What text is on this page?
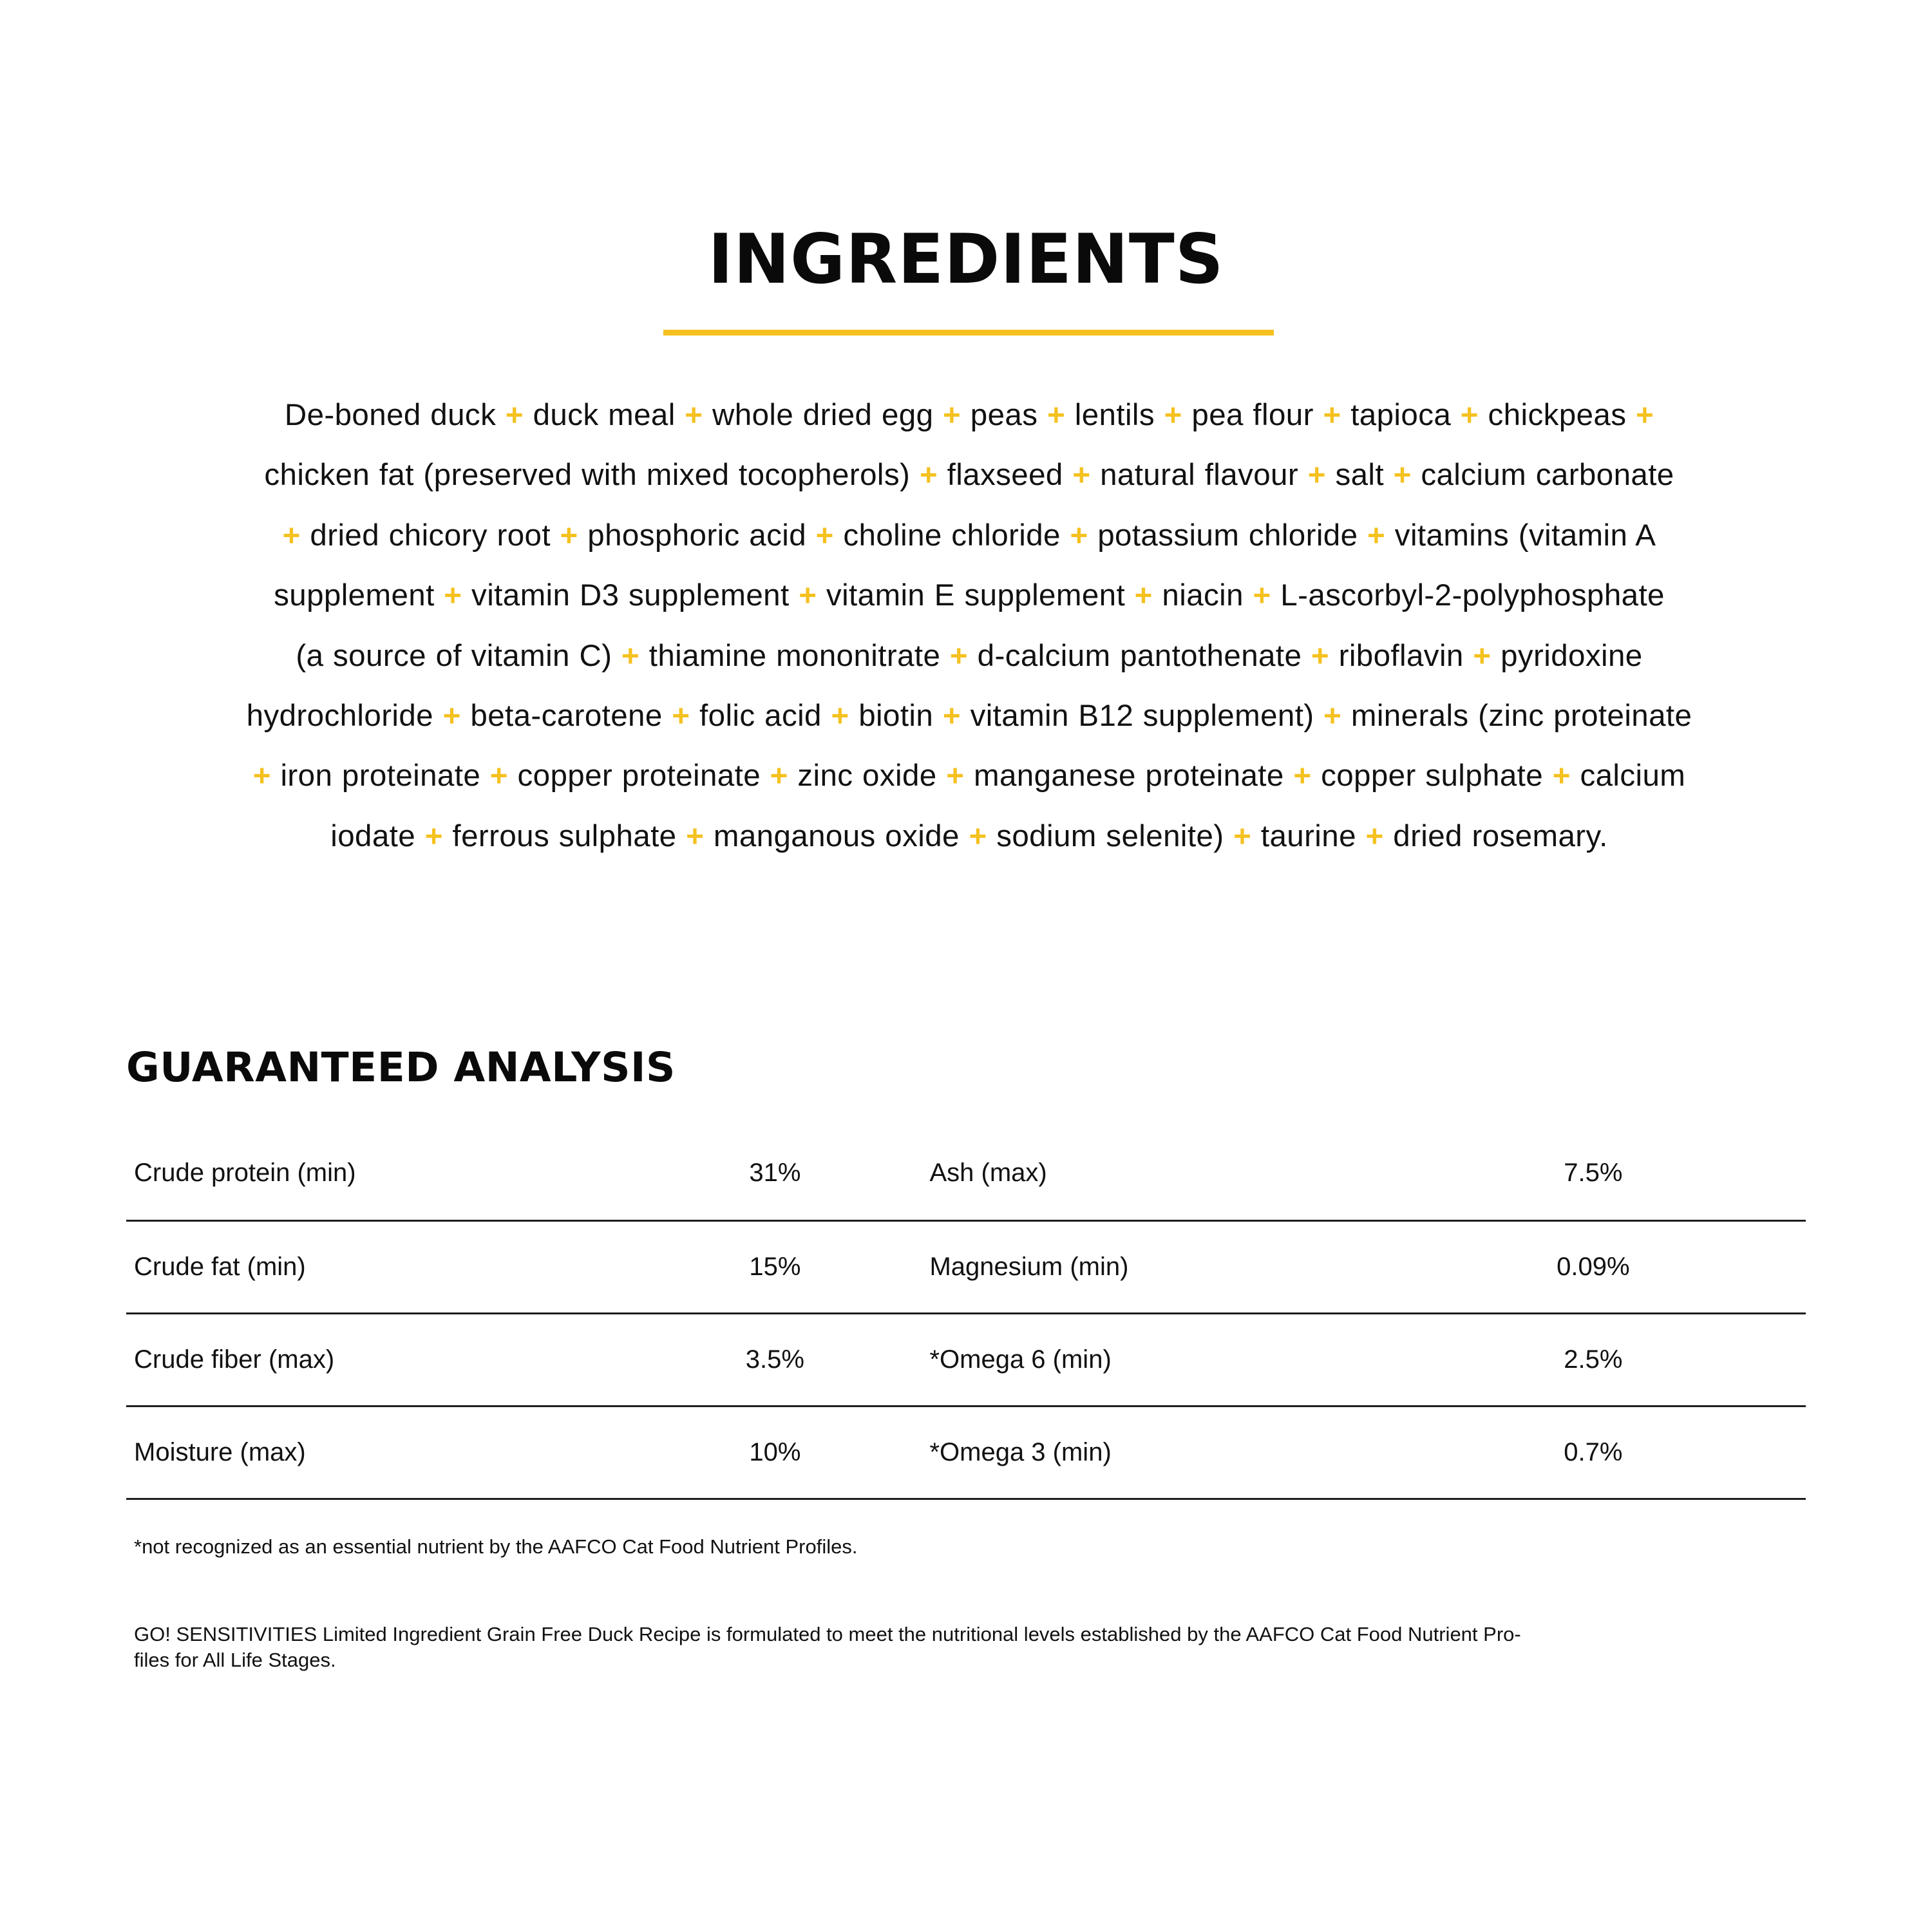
INGREDIENTS

De-boned duck + duck meal + whole dried egg + peas + lentils + pea flour + tapioca + chickpeas +
chicken fat (preserved with mixed tocopherols) + flaxseed + natural flavour + salt + calcium carbonate
+ dried chicory root + phosphoric acid + choline chloride + potassium chloride + vitamins (vitamin A
supplement + vitamin D3 supplement + vitamin E supplement + niacin + L-ascorbyl-2-polyphosphate
(a source of vitamin C) + thiamine mononitrate + d-calcium pantothenate + riboflavin + pyridoxine
hydrochloride + beta-carotene + folic acid + biotin + vitamin B12 supplement) + minerals (zinc proteinate
+ iron proteinate + copper proteinate + zinc oxide + manganese proteinate + copper sulphate + calcium
iodate + ferrous sulphate + manganous oxide + sodium selenite) + taurine + dried rosemary.

GUARANTEED ANALYSIS
Crude protein (min)	31%		Ash (max)	7.5%	
Crude fat (min)	15%		Magnesium (min)	0.09%	
Crude fiber (max)	3.5%		*Omega 6 (min)	2.5%	
Moisture (max)	10%		*Omega 3 (min)	0.7%	

*not recognized as an essential nutrient by the AAFCO Cat Food Nutrient Profiles.

GO! SENSITIVITIES Limited Ingredient Grain Free Duck Recipe is formulated to meet the nutritional levels established by the AAFCO Cat Food Nutrient Pro-
files for All Life Stages.
